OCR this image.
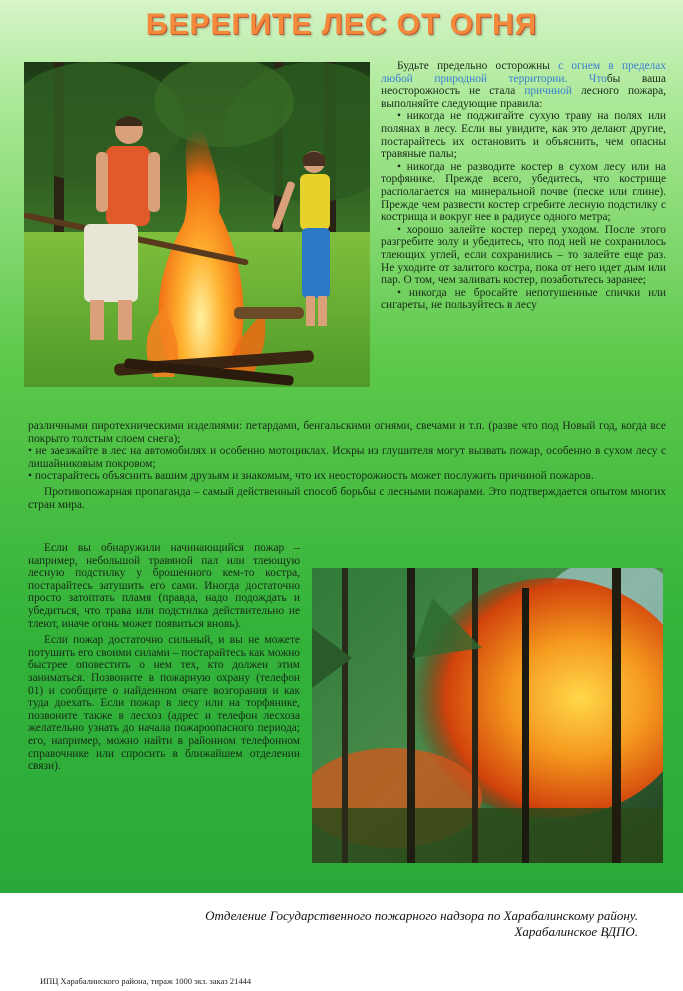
БЕРЕГИТЕ ЛЕС ОТ ОГНЯ

Будьте предельно осторожны с огнем в пределах любой природной территории. Чтобы ваша неосторожность не стала причиной лесного пожара, выполняйте следующие правила:

• никогда не поджигайте сухую траву на полях или полянах в лесу. Если вы увидите, как это делают другие, постарайтесь их остановить и объяснить, чем опасны травяные палы;

• никогда не разводите костер в сухом лесу или на торфянике. Прежде всего, убедитесь, что кострище располагается на минеральной почве (песке или глине). Прежде чем развести костер сгребите лесную подстилку с кострища и вокруг нее в радиусе одного метра;

• хорошо залейте костер перед уходом. После этого разгребите золу и убедитесь, что под ней не сохранилось тлеющих углей, если сохранились – то залейте еще раз. Не уходите от залитого костра, пока от него идет дым или пар. О том, чем заливать костер, позаботьтесь заранее;

• никогда не бросайте непотушенные спички или сигареты, не пользуйтесь в лесу

различными пиротехническими изделиями: петардами, бенгальскими огнями, свечами и т.п. (разве что под Новый год, когда все покрыто толстым слоем снега);

• не заезжайте в лес на автомобилях и особенно мотоциклах. Искры из глушителя могут вызвать пожар, особенно в сухом лесу с лишайниковым покровом;

• постарайтесь объяснить вашим друзьям и знакомым, что их неосторожность может послужить причиной пожаров.

Противопожарная пропаганда – самый действенный способ борьбы с лесными пожарами. Это подтверждается опытом многих стран мира.

Если вы обнаружили начинающийся пожар – например, небольшой травяной пал или тлеющую лесную подстилку у брошенного кем-то костра, постарайтесь затушить его сами. Иногда достаточно просто затоптать пламя (правда, надо подождать и убедиться, что трава или подстилка действительно не тлеют, иначе огонь может появиться вновь).

Если пожар достаточно сильный, и вы не можете потушить его своими силами – постарайтесь как можно быстрее оповестить о нем тех, кто должен этим заниматься. Позвоните в пожарную охрану (телефон 01) и сообщите о найденном очаге возгорания и как туда доехать. Если пожар в лесу или на торфянике, позвоните также в лесхоз (адрес и телефон лесхоза желательно узнать до начала пожароопасного периода; его, например, можно найти в районном телефонном справочнике или спросить в ближайшем отделении связи).

Отделение Государственного пожарного надзора по Харабалинскому району.
Харабалинское ВДПО.
ИПЦ Харабалинского района, тираж 1000 экз. заказ 21444
